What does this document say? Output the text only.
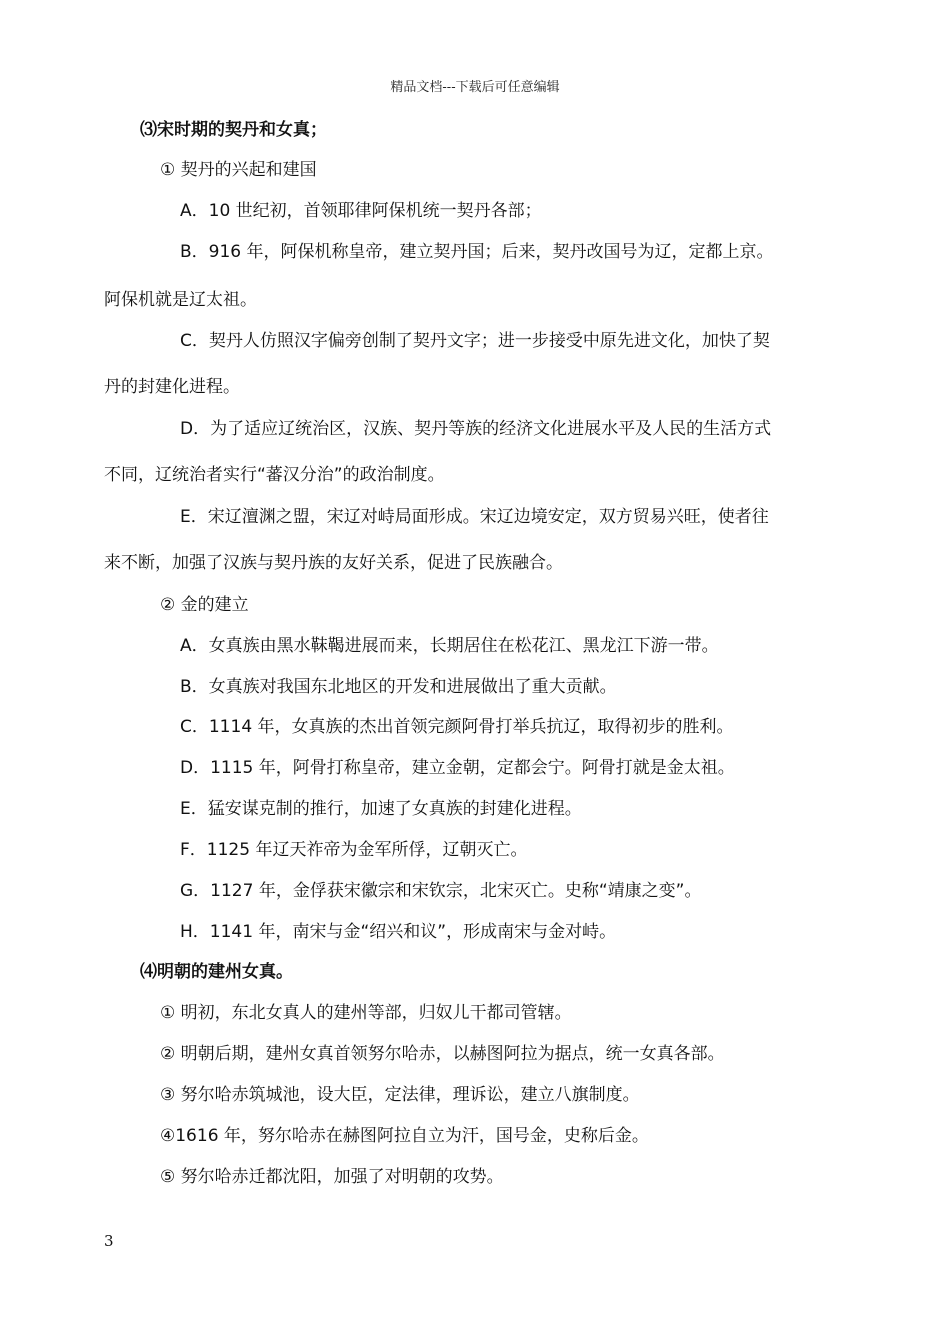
精品文档---下载后可任意编辑
⑶宋时期的契丹和女真；
① 契丹的兴起和建国
A．10 世纪初，首领耶律阿保机统一契丹各部；
B．916 年，阿保机称皇帝，建立契丹国；后来，契丹改国号为辽，定都上京。
阿保机就是辽太祖。
C．契丹人仿照汉字偏旁创制了契丹文字；进一步接受中原先进文化，加快了契
丹的封建化进程。
D．为了适应辽统治区，汉族、契丹等族的经济文化进展水平及人民的生活方式
不同，辽统治者实行“蕃汉分治”的政治制度。
E．宋辽澶渊之盟，宋辽对峙局面形成。宋辽边境安定，双方贸易兴旺，使者往
来不断，加强了汉族与契丹族的友好关系，促进了民族融合。
② 金的建立
A．女真族由黑水靺鞨进展而来，长期居住在松花江、黑龙江下游一带。
B．女真族对我国东北地区的开发和进展做出了重大贡献。
C．1114 年，女真族的杰出首领完颜阿骨打举兵抗辽，取得初步的胜利。
D．1115 年，阿骨打称皇帝，建立金朝，定都会宁。阿骨打就是金太祖。
E．猛安谋克制的推行，加速了女真族的封建化进程。
F．1125 年辽天祚帝为金军所俘，辽朝灭亡。
G．1127 年，金俘获宋徽宗和宋钦宗，北宋灭亡。史称“靖康之变”。
H．1141 年，南宋与金“绍兴和议”，形成南宋与金对峙。
⑷明朝的建州女真。
① 明初，东北女真人的建州等部，归奴儿干都司管辖。
② 明朝后期，建州女真首领努尔哈赤，以赫图阿拉为据点，统一女真各部。
③ 努尔哈赤筑城池，设大臣，定法律，理诉讼，建立八旗制度。
④1616 年，努尔哈赤在赫图阿拉自立为汗，国号金，史称后金。
⑤ 努尔哈赤迁都沈阳，加强了对明朝的攻势。
3
